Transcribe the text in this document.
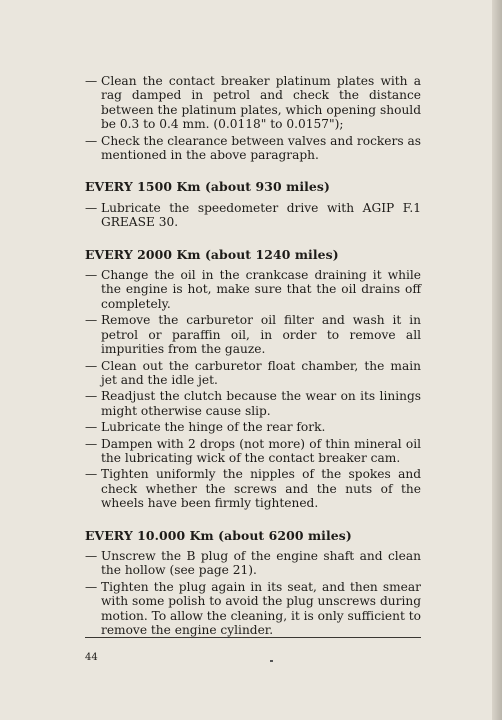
— Clean the contact breaker platinum plates with a rag damped in petrol and check the distance between the platinum plates, which opening should be 0.3 to 0.4 mm. (0.0118" to 0.0157");
— Check the clearance between valves and rockers as mentioned in the above paragraph.
EVERY 1500 Km (about 930 miles)
— Lubricate the speedometer drive with AGIP F.1 GREASE 30.
EVERY 2000 Km (about 1240 miles)
— Change the oil in the crankcase draining it while the engine is hot, make sure that the oil drains off completely.
— Remove the carburetor oil filter and wash it in petrol or paraffin oil, in order to remove all impurities from the gauze.
— Clean out the carburetor float chamber, the main jet and the idle jet.
— Readjust the clutch because the wear on its linings might otherwise cause slip.
— Lubricate the hinge of the rear fork.
— Dampen with 2 drops (not more) of thin mineral oil the lubricating wick of the contact breaker cam.
— Tighten uniformly the nipples of the spokes and check whether the screws and the nuts of the wheels have been firmly tightened.
EVERY 10.000 Km (about 6200 miles)
— Unscrew the B plug of the engine shaft and clean the hollow (see page 21).
— Tighten the plug again in its seat, and then smear with some polish to avoid the plug unscrews during motion. To allow the cleaning, it is only sufficient to remove the engine cylinder.
44
